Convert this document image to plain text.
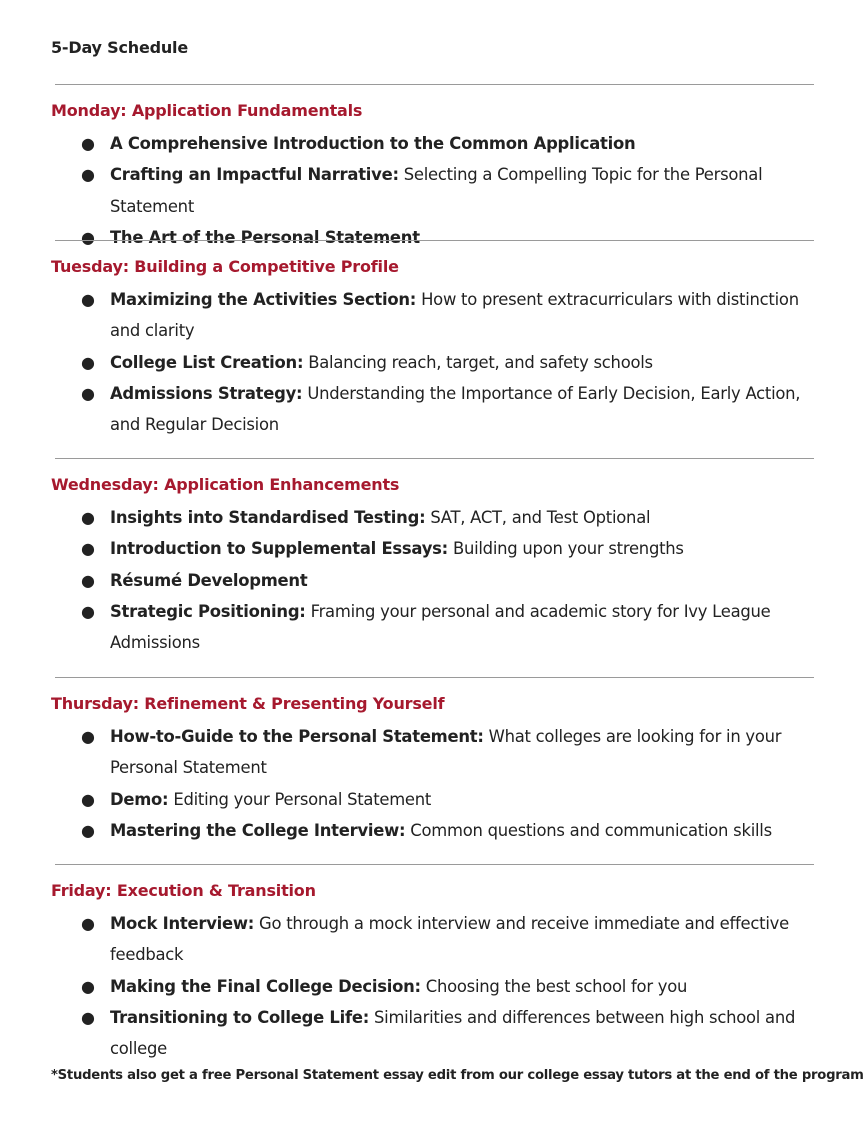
5-Day Schedule
Monday: Application Fundamentals
● A Comprehensive Introduction to the Common Application
● Crafting an Impactful Narrative: Selecting a Compelling Topic for the Personal Statement
● The Art of the Personal Statement
Tuesday: Building a Competitive Profile
● Maximizing the Activities Section: How to present extracurriculars with distinction and clarity
● College List Creation: Balancing reach, target, and safety schools
● Admissions Strategy: Understanding the Importance of Early Decision, Early Action, and Regular Decision
Wednesday: Application Enhancements
● Insights into Standardised Testing: SAT, ACT, and Test Optional
● Introduction to Supplemental Essays: Building upon your strengths
● Résumé Development
● Strategic Positioning: Framing your personal and academic story for Ivy League Admissions
Thursday: Refinement & Presenting Yourself
● How-to-Guide to the Personal Statement: What colleges are looking for in your Personal Statement
● Demo: Editing your Personal Statement
● Mastering the College Interview: Common questions and communication skills
Friday: Execution & Transition
● Mock Interview: Go through a mock interview and receive immediate and effective feedback
● Making the Final College Decision: Choosing the best school for you
● Transitioning to College Life: Similarities and differences between high school and college
*Students also get a free Personal Statement essay edit from our college essay tutors at the end of the program
